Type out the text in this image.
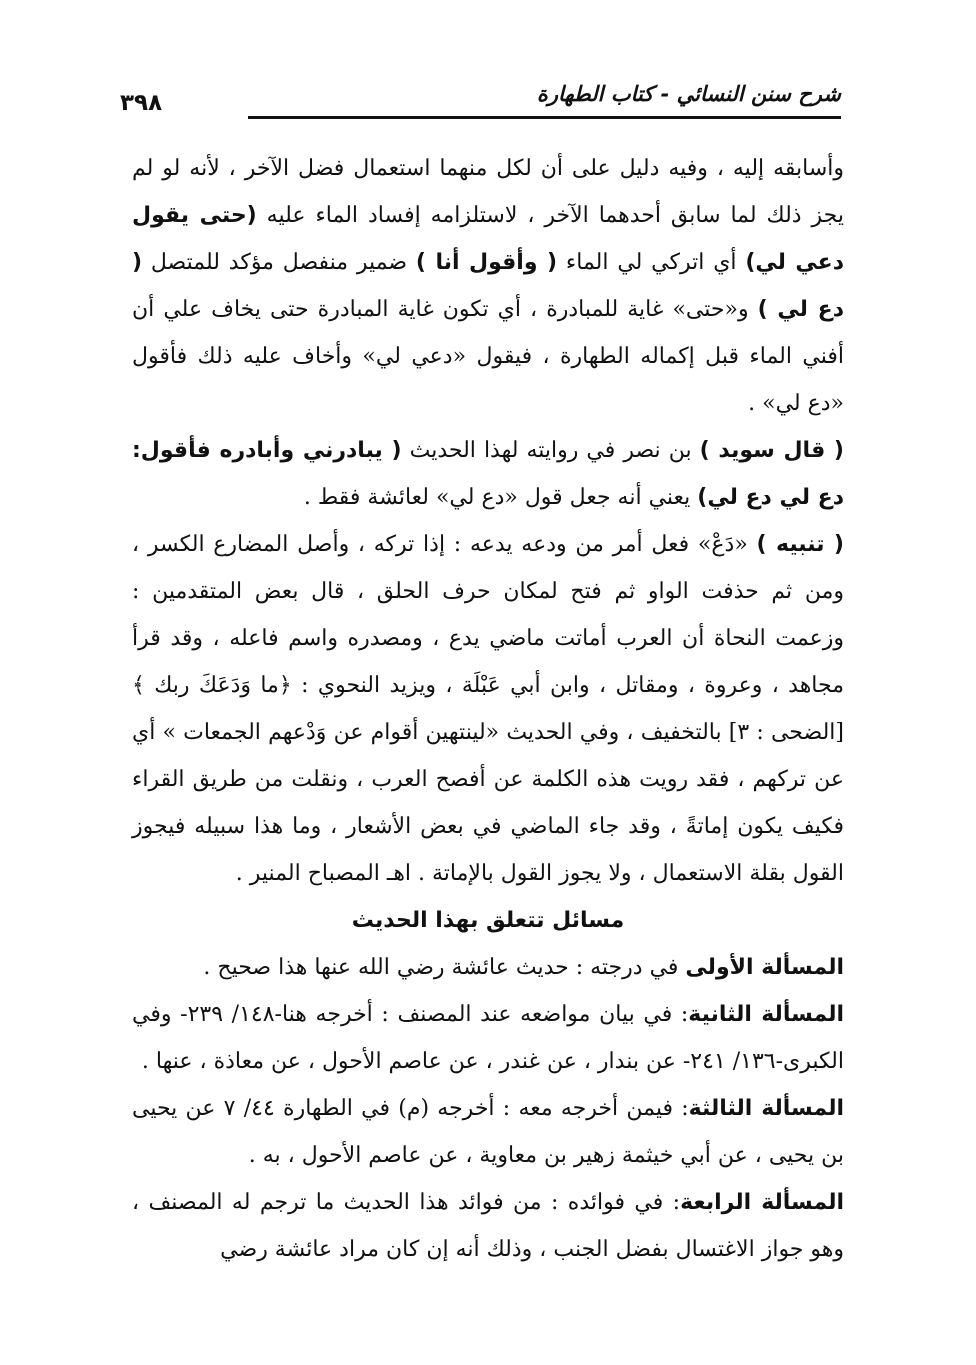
شرح سنن النسائي - كتاب الطهارة
٣٩٨

وأسابقه إليه ، وفيه دليل على أن لكل منهما استعمال فضل الآخر ، لأنه لو لم يجز ذلك لما سابق أحدهما الآخر ، لاستلزامه إفساد الماء عليه (حتى يقول دعي لي) أي اتركي لي الماء ( وأقول أنا ) ضمير منفصل مؤكد للمتصل ( دع لي ) و«حتى» غاية للمبادرة ، أي تكون غاية المبادرة حتى يخاف علي أن أفني الماء قبل إكماله الطهارة ، فيقول «دعي لي» وأخاف عليه ذلك فأقول «دع لي» .

( قال سويد ) بن نصر في روايته لهذا الحديث ( يبادرني وأبادره فأقول: دع لي دع لي) يعني أنه جعل قول «دع لي» لعائشة فقط .

( تنبيه ) «دَعْ» فعل أمر من ودعه يدعه : إذا تركه ، وأصل المضارع الكسر ، ومن ثم حذفت الواو ثم فتح لمكان حرف الحلق ، قال بعض المتقدمين : وزعمت النحاة أن العرب أماتت ماضي يدع ، ومصدره واسم فاعله ، وقد قرأ مجاهد ، وعروة ، ومقاتل ، وابن أبي عَبْلَة ، ويزيد النحوي : ﴿ما وَدَعَكَ ربك ﴾[الضحى : ٣] بالتخفيف ، وفي الحديث «لينتهين أقوام عن وَدْعهم الجمعات » أي عن تركهم ، فقد رويت هذه الكلمة عن أفصح العرب ، ونقلت من طريق القراء فكيف يكون إماتةً ، وقد جاء الماضي في بعض الأشعار ، وما هذا سبيله فيجوز القول بقلة الاستعمال ، ولا يجوز القول بالإماتة . اهـ المصباح المنير .

مسائل تتعلق بهذا الحديث

المسألة الأولى في درجته : حديث عائشة رضي الله عنها هذا صحيح .

المسألة الثانية: في بيان مواضعه عند المصنف : أخرجه هنا-١٤٨/ ٢٣٩- وفي الكبرى-١٣٦/ ٢٤١- عن بندار ، عن غندر ، عن عاصم الأحول ، عن معاذة ، عنها .

المسألة الثالثة: فيمن أخرجه معه : أخرجه (م) في الطهارة ٤٤/ ٧ عن يحيى بن يحيى ، عن أبي خيثمة زهير بن معاوية ، عن عاصم الأحول ، به .

المسألة الرابعة: في فوائده : من فوائد هذا الحديث ما ترجم له المصنف ، وهو جواز الاغتسال بفضل الجنب ، وذلك أنه إن كان مراد عائشة رضي
